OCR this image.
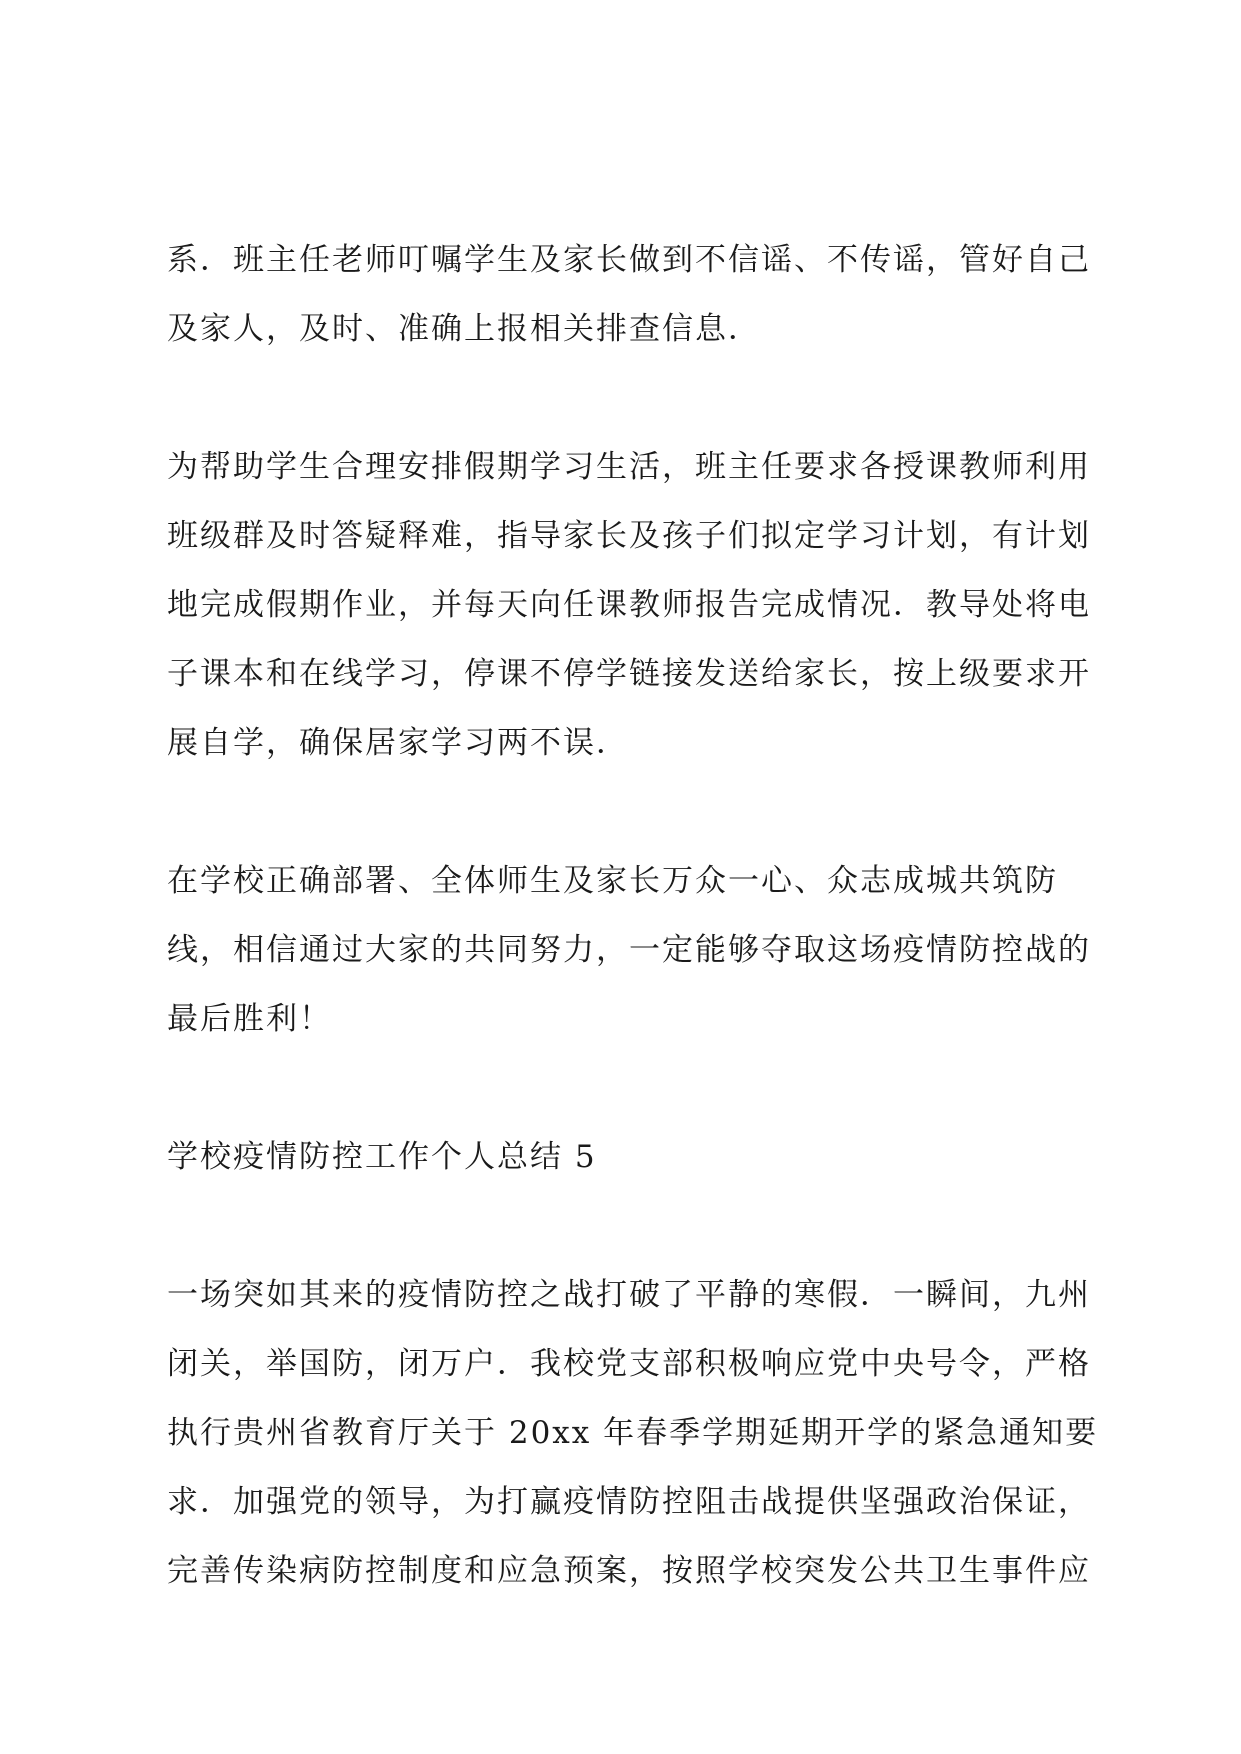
系．班主任老师叮嘱学生及家长做到不信谣、不传谣，管好自己
及家人，及时、准确上报相关排查信息．
为帮助学生合理安排假期学习生活，班主任要求各授课教师利用
班级群及时答疑释难，指导家长及孩子们拟定学习计划，有计划
地完成假期作业，并每天向任课教师报告完成情况．教导处将电
子课本和在线学习，停课不停学链接发送给家长，按上级要求开
展自学，确保居家学习两不误．
在学校正确部署、全体师生及家长万众一心、众志成城共筑防
线，相信通过大家的共同努力，一定能够夺取这场疫情防控战的
最后胜利！
学校疫情防控工作个人总结 5
一场突如其来的疫情防控之战打破了平静的寒假．一瞬间，九州
闭关，举国防，闭万户．我校党支部积极响应党中央号令，严格
执行贵州省教育厅关于 20xx 年春季学期延期开学的紧急通知要
求．加强党的领导，为打赢疫情防控阻击战提供坚强政治保证，
完善传染病防控制度和应急预案，按照学校突发公共卫生事件应
